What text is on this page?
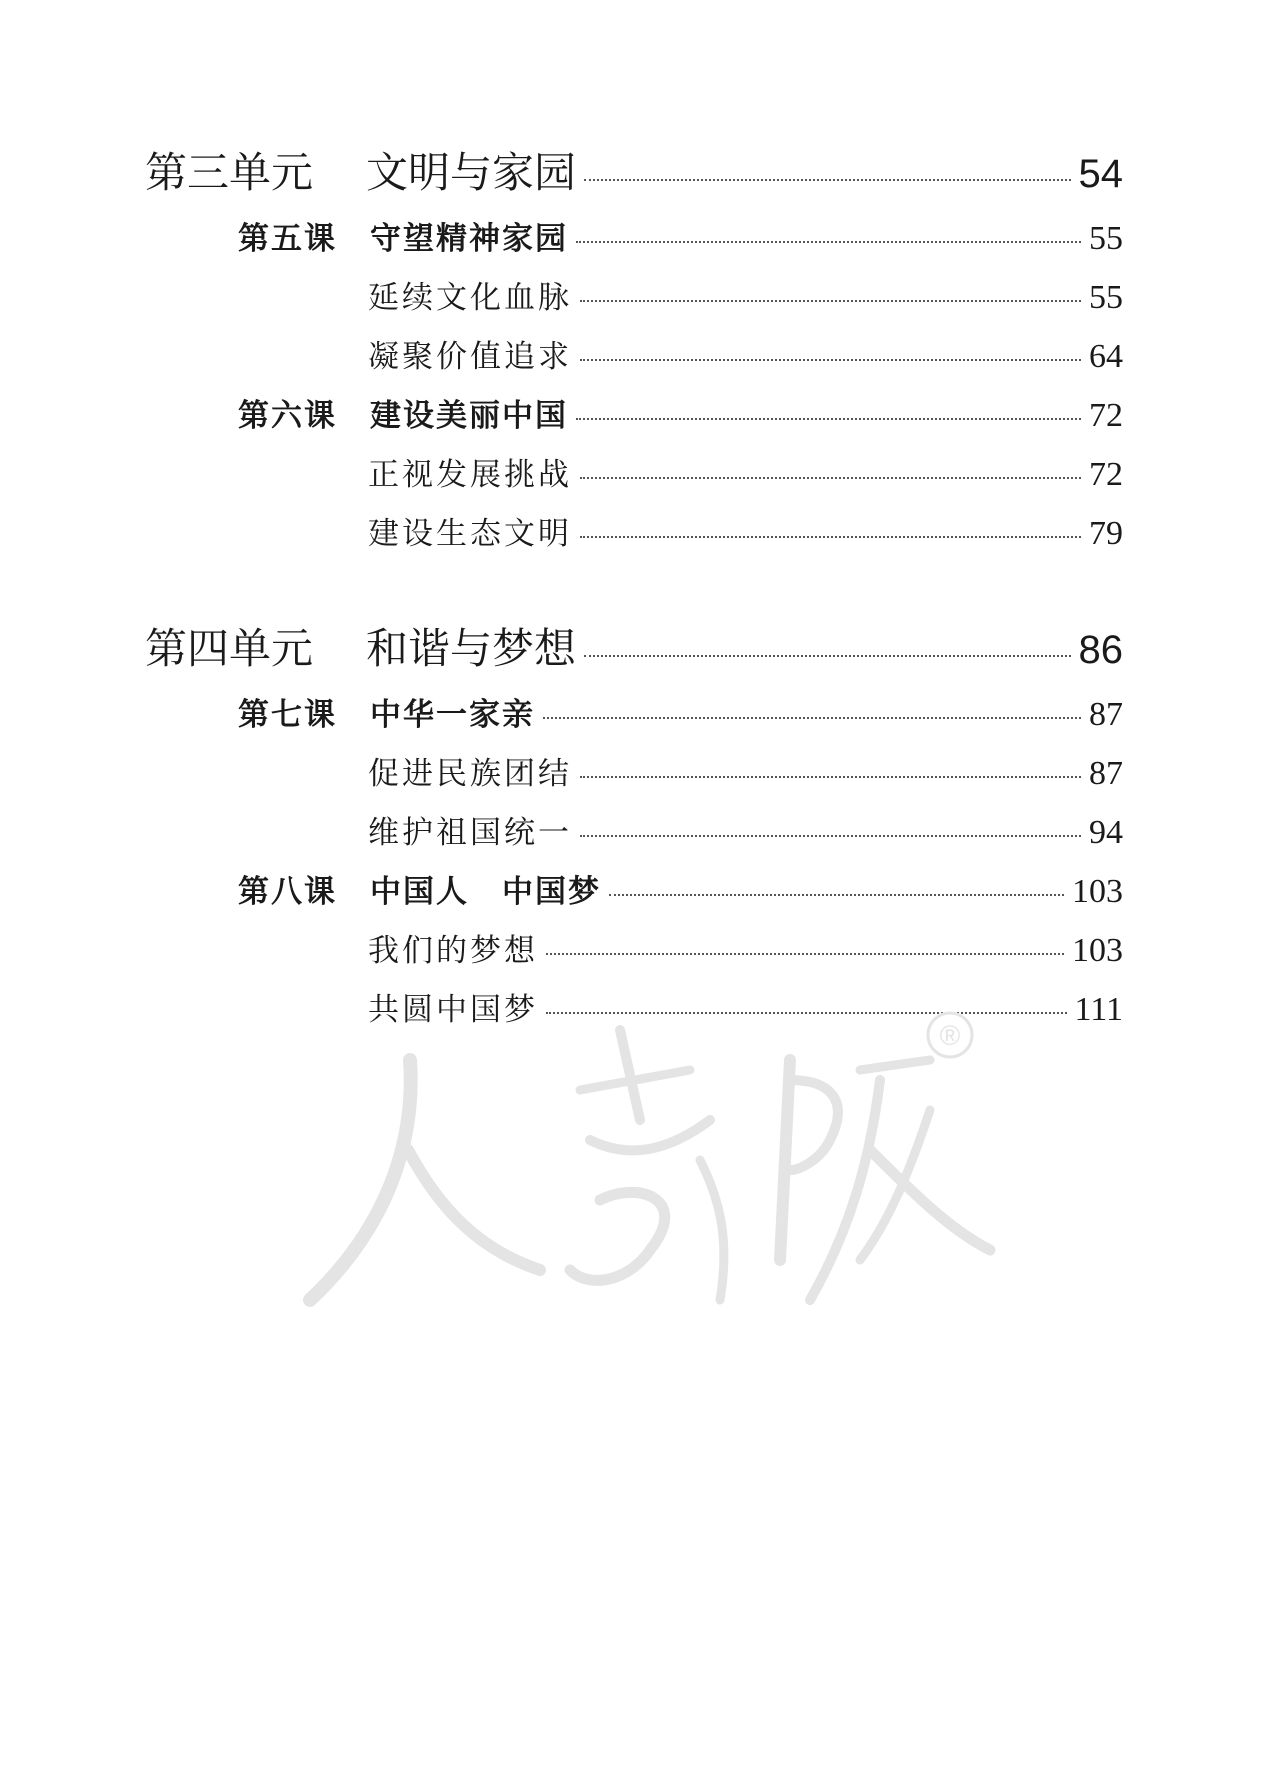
第三单元	文明与家园	54
第五课	守望精神家园	55
延续文化血脉	55
凝聚价值追求	64
第六课	建设美丽中国	72
正视发展挑战	72
建设生态文明	79
第四单元	和谐与梦想	86
第七课	中华一家亲	87
促进民族团结	87
维护祖国统一	94
第八课	中国人　中国梦	103
我们的梦想	103
共圆中国梦	111
®
